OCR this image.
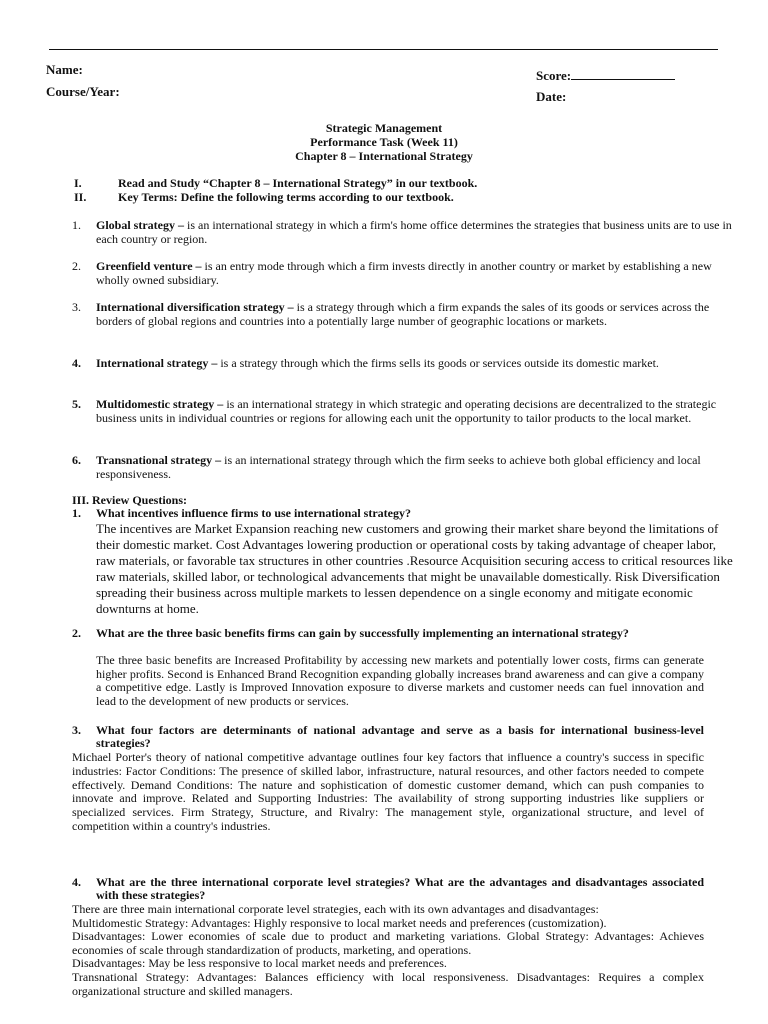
Name:
Course/Year:
Score:
Date:
Strategic Management
Performance Task (Week 11)
Chapter 8 – International Strategy
I.	Read and Study “Chapter 8 – International Strategy” in our textbook.
II.	Key Terms: Define the following terms according to our textbook.
1. Global strategy – is an international strategy in which a firm's home office determines the strategies that business units are to use in each country or region.
2. Greenfield venture – is an entry mode through which a firm invests directly in another country or market by establishing a new wholly owned subsidiary.
3. International diversification strategy – is a strategy through which a firm expands the sales of its goods or services across the borders of global regions and countries into a potentially large number of geographic locations or markets.
4. International strategy – is a strategy through which the firms sells its goods or services outside its domestic market.
5. Multidomestic strategy – is an international strategy in which strategic and operating decisions are decentralized to the strategic business units in individual countries or regions for allowing each unit the opportunity to tailor products to the local market.
6. Transnational strategy – is an international strategy through which the firm seeks to achieve both global efficiency and local responsiveness.
III. Review Questions:
1. What incentives influence firms to use international strategy?
The incentives are Market Expansion reaching new customers and growing their market share beyond the limitations of their domestic market. Cost Advantages lowering production or operational costs by taking advantage of cheaper labor, raw materials, or favorable tax structures in other countries .Resource Acquisition securing access to critical resources like raw materials, skilled labor, or technological advancements that might be unavailable domestically. Risk Diversification spreading their business across multiple markets to lessen dependence on a single economy and mitigate economic downturns at home.
2. What are the three basic benefits firms can gain by successfully implementing an international strategy?
The three basic benefits are Increased Profitability by accessing new markets and potentially lower costs, firms can generate higher profits. Second is Enhanced Brand Recognition expanding globally increases brand awareness and can give a company a competitive edge. Lastly is Improved Innovation exposure to diverse markets and customer needs can fuel innovation and lead to the development of new products or services.
3. What four factors are determinants of national advantage and serve as a basis for international business-level strategies?
Michael Porter's theory of national competitive advantage outlines four key factors that influence a country's success in specific industries: Factor Conditions: The presence of skilled labor, infrastructure, natural resources, and other factors needed to compete effectively. Demand Conditions: The nature and sophistication of domestic customer demand, which can push companies to innovate and improve. Related and Supporting Industries: The availability of strong supporting industries like suppliers or specialized services. Firm Strategy, Structure, and Rivalry: The management style, organizational structure, and level of competition within a country's industries.
4. What are the three international corporate level strategies? What are the advantages and disadvantages associated with these strategies?
There are three main international corporate level strategies, each with its own advantages and disadvantages:
Multidomestic Strategy: Advantages: Highly responsive to local market needs and preferences (customization).
Disadvantages: Lower economies of scale due to product and marketing variations. Global Strategy: Advantages: Achieves economies of scale through standardization of products, marketing, and operations.
Disadvantages: May be less responsive to local market needs and preferences.
Transnational Strategy: Advantages: Balances efficiency with local responsiveness. Disadvantages: Requires a complex organizational structure and skilled managers.
